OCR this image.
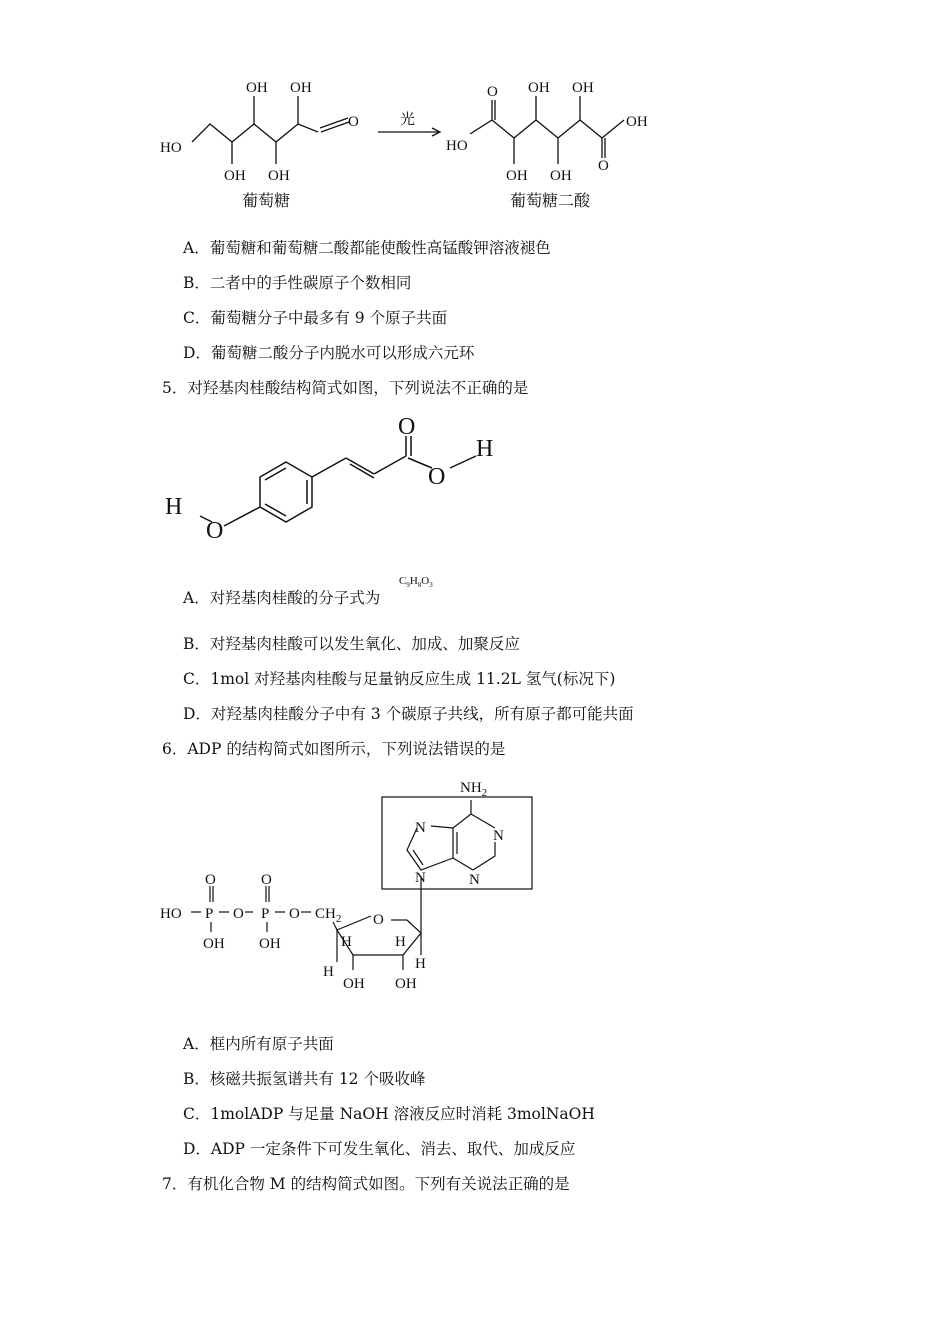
OH OH
O
HO
OH OH
葡萄糖
光
O
HO
OH OH
OH OH
OH
O
葡萄糖二酸
A．葡萄糖和葡萄糖二酸都能使酸性高锰酸钾溶液褪色
B．二者中的手性碳原子个数相同
C．葡萄糖分子中最多有 9 个原子共面
D．葡萄糖二酸分子内脱水可以形成六元环
5．对羟基肉桂酸结构简式如图，下列说法不正确的是
O
O
H
H
O
A．对羟基肉桂酸的分子式为
$C_9H_8O_3$
B．对羟基肉桂酸可以发生氧化、加成、加聚反应
C．1mol 对羟基肉桂酸与足量钠反应生成 11.2L 氢气(标况下)
D．对羟基肉桂酸分子中有 3 个碳原子共线，所有原子都可能共面
6．ADP 的结构简式如图所示，下列说法错误的是
$NH_2$
N
N
N
N
O	O
HO P O P O $CH_2$ O
OH OH	H	H
H
H
OH OH
A．框内所有原子共面
B．核磁共振氢谱共有 12 个吸收峰
C．1molADP 与足量 NaOH 溶液反应时消耗 3molNaOH
D．ADP 一定条件下可发生氧化、消去、取代、加成反应
7．有机化合物 M 的结构简式如图。下列有关说法正确的是
